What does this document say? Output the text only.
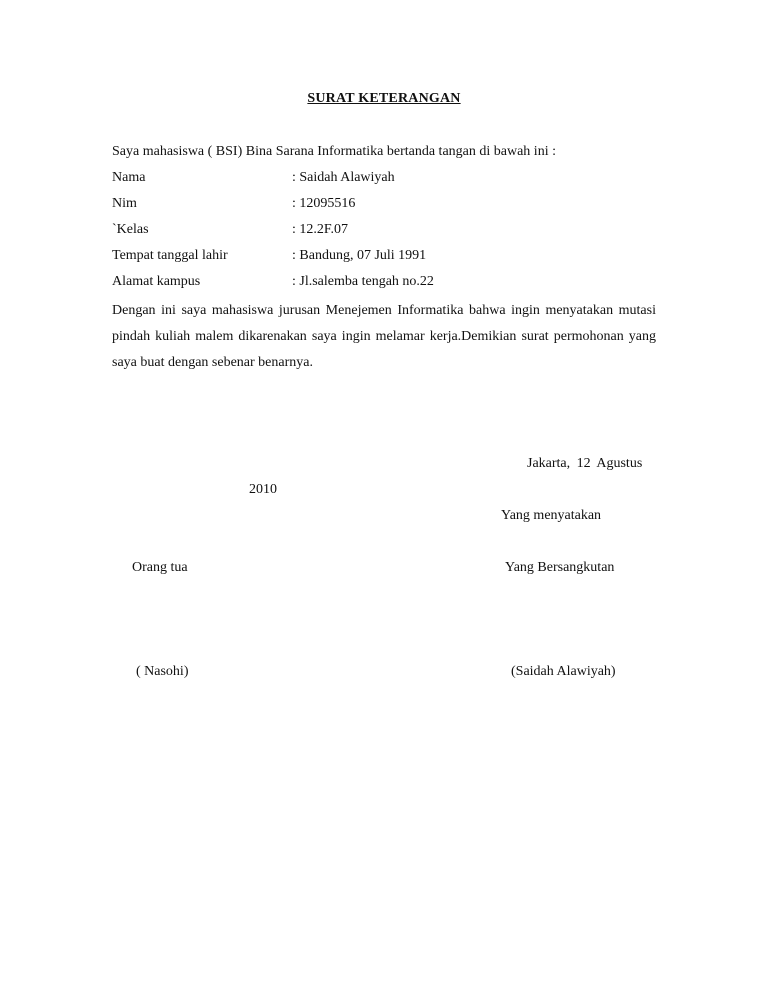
SURAT KETERANGAN
Saya mahasiswa ( BSI) Bina Sarana Informatika bertanda tangan di bawah ini :
Nama	: Saidah Alawiyah
Nim	: 12095516
`Kelas	: 12.2F.07
Tempat tanggal lahir	: Bandung, 07 Juli 1991
Alamat kampus	: Jl.salemba tengah no.22
Dengan ini saya mahasiswa jurusan Menejemen Informatika bahwa ingin menyatakan mutasi pindah kuliah malem dikarenakan saya ingin melamar kerja.Demikian surat permohonan yang saya buat dengan sebenar benarnya.
Jakarta, 12 Agustus
2010
Yang menyatakan
Orang tua	Yang Bersangkutan
( Nasohi)	(Saidah Alawiyah)
